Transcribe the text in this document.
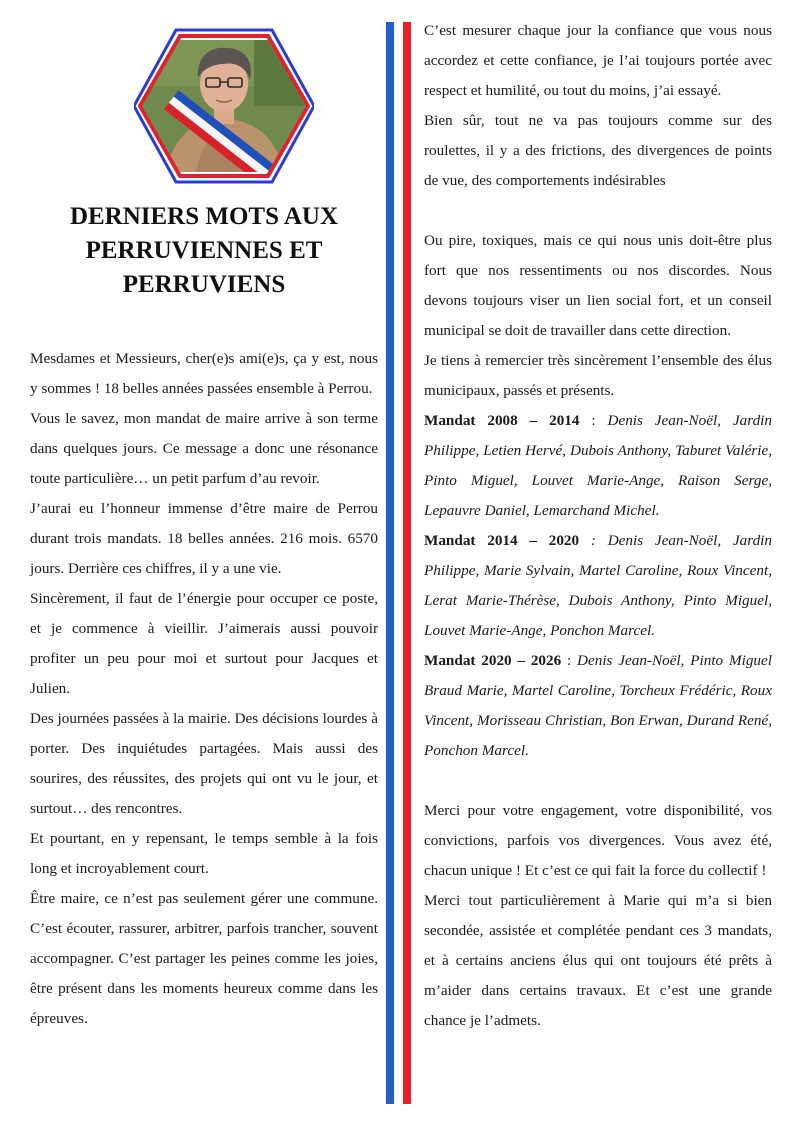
DERNIERS MOTS AUX
PERRUVIENNES ET
PERRUVIENS

Mesdames et Messieurs, cher(e)s ami(e)s, ça y est, nous y sommes ! 18 belles années passées ensemble à Perrou.

Vous le savez, mon mandat de maire arrive à son terme dans quelques jours. Ce message a donc une résonance toute particulière… un petit parfum d’au revoir.

J’aurai eu l’honneur immense d’être maire de Perrou durant trois mandats. 18 belles années. 216 mois. 6570 jours. Derrière ces chiffres, il y a une vie.

Sincèrement, il faut de l’énergie pour occuper ce poste, et je commence à vieillir. J’aimerais aussi pouvoir profiter un peu pour moi et surtout pour Jacques et Julien.

Des journées passées à la mairie. Des décisions lourdes à porter. Des inquiétudes partagées. Mais aussi des sourires, des réussites, des projets qui ont vu le jour, et surtout… des rencontres.

Et pourtant, en y repensant, le temps semble à la fois long et incroyablement court.

Être maire, ce n’est pas seulement gérer une commune. C’est écouter, rassurer, arbitrer, parfois trancher, souvent accompagner. C’est partager les peines comme les joies, être présent dans les moments heureux comme dans les épreuves.

C’est mesurer chaque jour la confiance que vous nous accordez et cette confiance, je l’ai toujours portée avec respect et humilité, ou tout du moins, j’ai essayé.

Bien sûr, tout ne va pas toujours comme sur des roulettes, il y a des frictions, des divergences de points de vue, des comportements indésirables

Ou pire, toxiques, mais ce qui nous unis doit-être plus fort que nos ressentiments ou nos discordes. Nous devons toujours viser un lien social fort, et un conseil municipal se doit de travailler dans cette direction.

Je tiens à remercier très sincèrement l’ensemble des élus municipaux, passés et présents.

Mandat 2008 – 2014 : Denis Jean-Noël, Jardin Philippe, Letien Hervé, Dubois Anthony, Taburet Valérie, Pinto Miguel, Louvet Marie-Ange, Raison Serge, Lepauvre Daniel, Lemarchand Michel.

Mandat 2014 – 2020 : Denis Jean-Noël, Jardin Philippe, Marie Sylvain, Martel Caroline, Roux Vincent, Lerat Marie-Thérèse, Dubois Anthony, Pinto Miguel, Louvet Marie-Ange, Ponchon Marcel.

Mandat 2020 – 2026 : Denis Jean-Noël, Pinto Miguel Braud Marie, Martel Caroline, Torcheux Frédéric, Roux Vincent, Morisseau Christian, Bon Erwan, Durand René, Ponchon Marcel.

Merci pour votre engagement, votre disponibilité, vos convictions, parfois vos divergences. Vous avez été, chacun unique ! Et c’est ce qui fait la force du collectif !

Merci tout particulièrement à Marie qui m’a si bien secondée, assistée et complétée pendant ces 3 mandats, et à certains anciens élus qui ont toujours été prêts à m’aider dans certains travaux. Et c’est une grande chance je l’admets.
